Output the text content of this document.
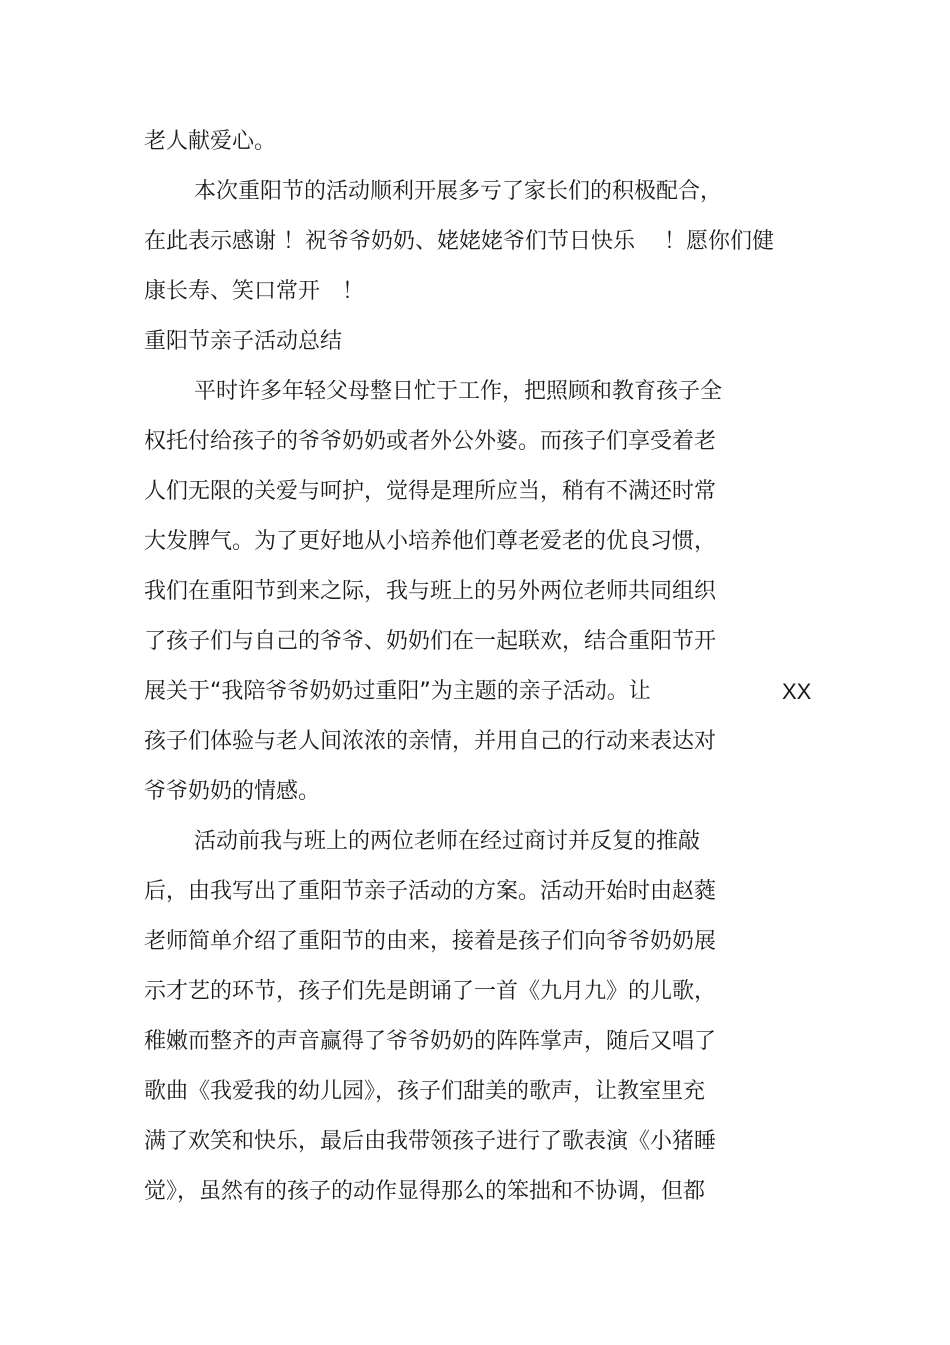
老人献爱心。
本次重阳节的活动顺利开展多亏了家长们的积极配合，
在此表示感谢 ！祝爷爷奶奶、姥姥姥爷们节日快乐　 ！愿你们健
康长寿、笑口常开　！
重阳节亲子活动总结
平时许多年轻父母整日忙于工作，把照顾和教育孩子全
权托付给孩子的爷爷奶奶或者外公外婆。而孩子们享受着老
人们无限的关爱与呵护，觉得是理所应当，稍有不满还时常
大发脾气。为了更好地从小培养他们尊老爱老的优良习惯，
我们在重阳节到来之际，我与班上的另外两位老师共同组织
了孩子们与自己的爷爷、奶奶们在一起联欢，结合重阳节开
展关于“我陪爷爷奶奶过重阳”为主题的亲子活动。让	XX
孩子们体验与老人间浓浓的亲情，并用自己的行动来表达对
爷爷奶奶的情感。
活动前我与班上的两位老师在经过商讨并反复的推敲
后，由我写出了重阳节亲子活动的方案。活动开始时由赵蕤
老师简单介绍了重阳节的由来，接着是孩子们向爷爷奶奶展
示才艺的环节，孩子们先是朗诵了一首《九月九》的儿歌，
稚嫩而整齐的声音赢得了爷爷奶奶的阵阵掌声，随后又唱了
歌曲《我爱我的幼儿园》，孩子们甜美的歌声，让教室里充
满了欢笑和快乐，最后由我带领孩子进行了歌表演《小猪睡
觉》，虽然有的孩子的动作显得那么的笨拙和不协调，但都
